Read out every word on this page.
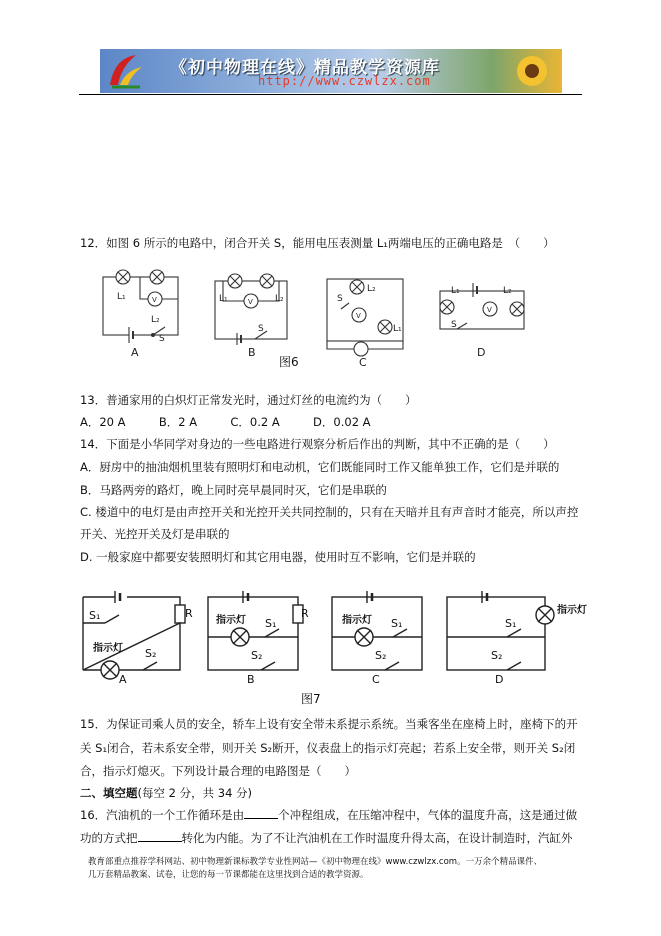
《初中物理在线》精品教学资源库
http://www.czwlzx.com
12．如图 6 所示的电路中，闭合开关 S，能用电压表测量 L₁两端电压的正确电路是　（　　）
L₁
L₂
S
V	L₁	L₂
S
V
L₂
S
L₁
V
L₁	L₂
S
V
A	B
C
D
图6
13．普通家用的白炽灯正常发光时，通过灯丝的电流约为（　　）
A．20 A	B．2 A	C．0.2 A	D．0.02 A
14．下面是小华同学对身边的一些电路进行观察分析后作出的判断，其中不正确的是（　　）
A．厨房中的抽油烟机里装有照明灯和电动机，它们既能同时工作又能单独工作，它们是并联的
B．马路两旁的路灯，晚上同时亮早晨同时灭，它们是串联的
C. 楼道中的电灯是由声控开关和光控开关共同控制的，只有在天暗并且有声音时才能亮，所以声控
开关、光控开关及灯是串联的
D. 一般家庭中都要安装照明灯和其它用电器，使用时互不影响，它们是并联的
S₁	R
指示灯 S₂
指示灯 S₁
R
S₂
指示灯 S₁
S₂
S₁
指示灯
S₂
A	B	C	D
图7
15．为保证司乘人员的安全，轿车上设有安全带未系提示系统。当乘客坐在座椅上时，座椅下的开
关 S₁闭合，若未系安全带，则开关 S₂断开，仪表盘上的指示灯亮起；若系上安全带，则开关 S₂闭
合，指示灯熄灭。下列设计最合理的电路图是（　　）
二、填空题(每空 2 分，共 34 分)
16．汽油机的一个工作循环是由	个冲程组成，在压缩冲程中，气体的温度升高，这是通过做
功的方式把	转化为内能。为了不让汽油机在工作时温度升得太高，在设计制造时，汽缸外
教育部重点推荐学科网站、初中物理新课标教学专业性网站—《初中物理在线》www.czwlzx.com。一万余个精品课件、
几万套精品教案、试卷，让您的每一节课都能在这里找到合适的教学资源。
